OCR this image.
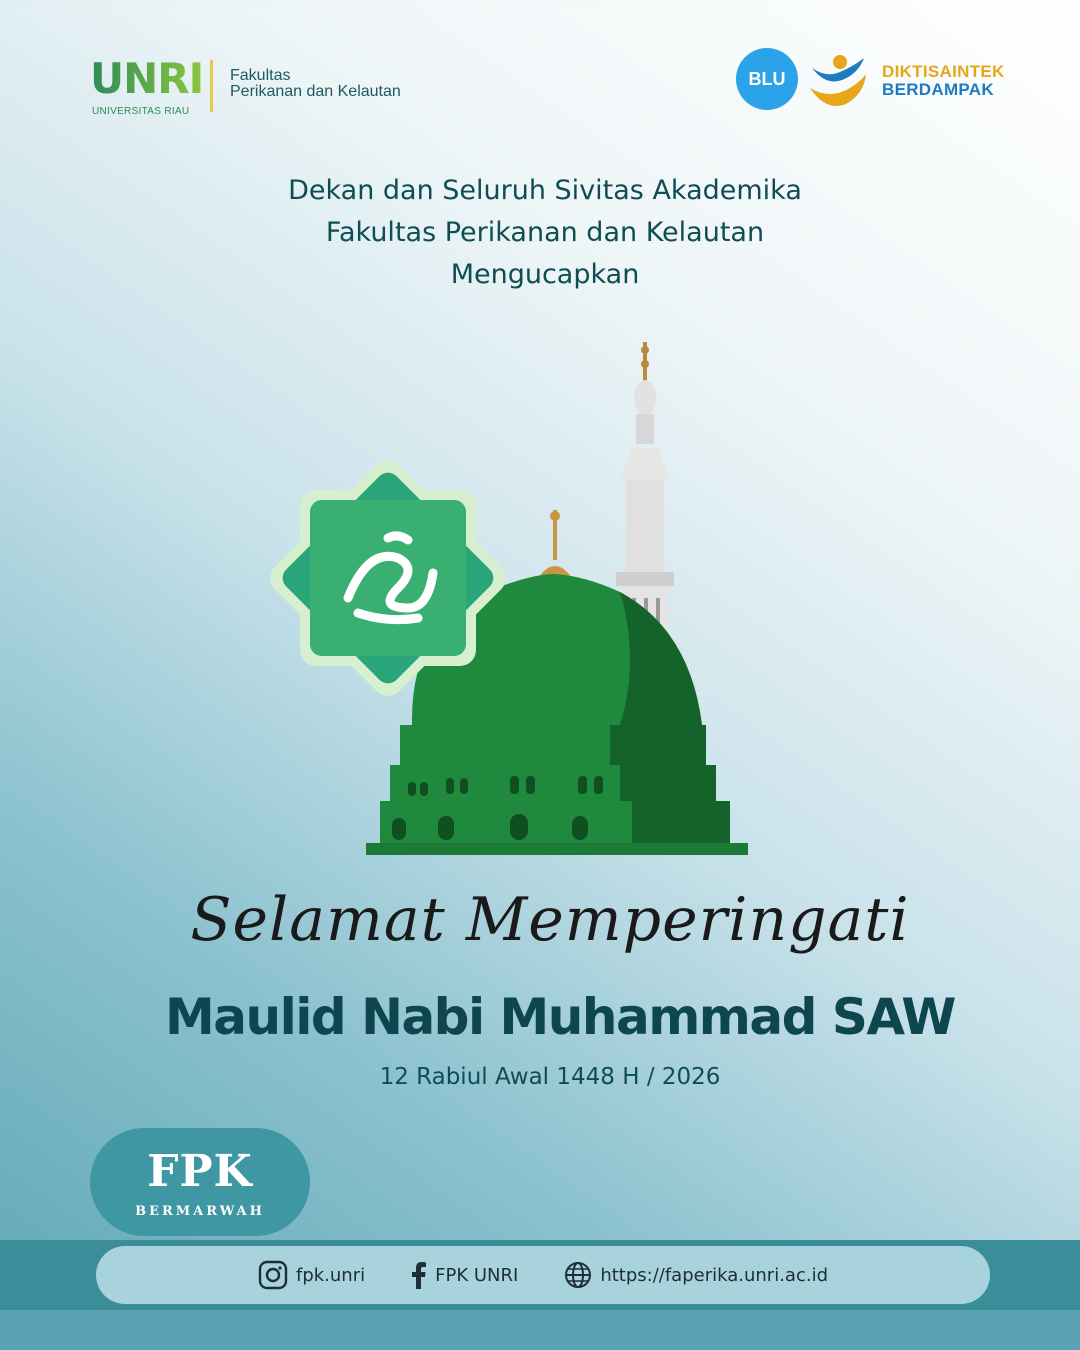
UNRI
UNIVERSITAS RIAU
Fakultas
Perikanan dan Kelautan
BLU	DIKTISAINTEK
BERDAMPAK
Dekan dan Seluruh Sivitas Akademika
Fakultas Perikanan dan Kelautan
Mengucapkan
Selamat Memperingati
Maulid Nabi Muhammad SAW
12 Rabiul Awal 1448 H / 2026
FPK
BERMARWAH
fpk.unri	FPK UNRI	https://faperika.unri.ac.id
